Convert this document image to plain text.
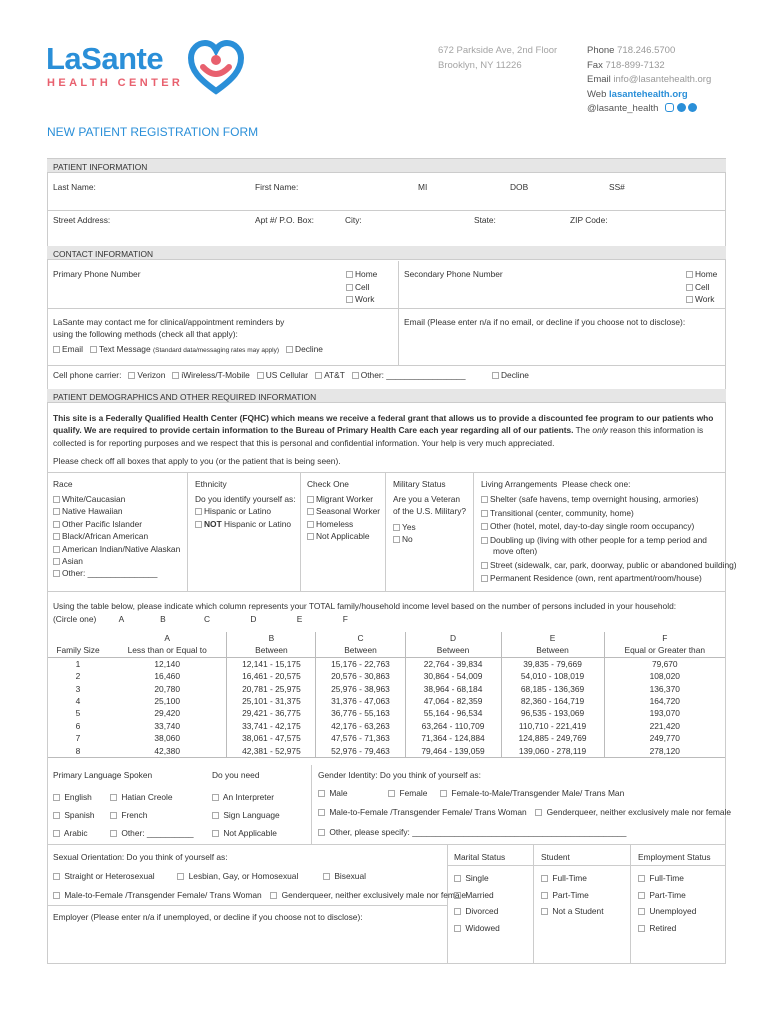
LaSante
HEALTH CENTER
672 Parkside Ave, 2nd Floor
Brooklyn, NY 11226
Phone 718.246.5700
Fax 718-899-7132
Email info@lasantehealth.org
Web lasantehealth.org
@lasante_health
NEW PATIENT REGISTRATION FORM
PATIENT INFORMATION
Last Name:	First Name:	MI	DOB	SS#
Street Address:	Apt #/ P.O. Box:	City:	State:	ZIP Code:
CONTACT INFORMATION
Primary Phone Number	Home
Cell
Work
Secondary Phone Number	Home
Cell
Work
LaSante may contact me for clinical/appointment reminders by
using the following methods (check all that apply):
Email (Please enter n/a if no email, or decline if you choose not to disclose):
Email Text Message (Standard data/messaging rates may apply) Decline
Cell phone carrier: Verizon iWireless/T-Mobile US Cellular AT&T Other: _________________	Decline
PATIENT DEMOGRAPHICS AND OTHER REQUIRED INFORMATION
This site is a Federally Qualified Health Center (FQHC) which means we receive a federal grant that allows us to provide a discounted fee program to our patients who qualify. We are required to provide certain information to the Bureau of Primary Health Care each year regarding all of our patients. The only reason this information is collected is for reporting purposes and we respect that this is personal and confidential information. Your help is very much appreciated.
Please check off all boxes that apply to you (or the patient that is being seen).
Race
White/Caucasian
Native Hawaiian
Other Pacific Islander
Black/African American
American Indian/Native Alaskan
Asian
Other: _______________
Ethnicity
Do you identify yourself as:
Hispanic or Latino
NOT Hispanic or Latino
Check One
Migrant Worker
Seasonal Worker
Homeless
Not Applicable
Military Status
Are you a Veteran
of the U.S. Military?
Yes
No
Living Arrangements Please check one:
Shelter (safe havens, temp overnight housing, armories)
Transitional (center, community, home)
Other (hotel, motel, day-to-day single room occupancy)
Doubling up (living with other people for a temp period and
move often)
Street (sidewalk, car, park, doorway, public or abandoned building)
Permanent Residence (own, rent apartment/room/house)
Using the table below, please indicate which column represents your TOTAL family/household income level based on the number of persons included in your household:
(Circle one)	A	B	C	D	E	F
	A	B	C	D	E	F
Family Size	Less than or Equal to	Between	Between	Between	Between	Equal or Greater than
1	12,140	12,141 - 15,175	15,176 - 22,763	22,764 - 39,834	39,835 - 79,669	79,670
2	16,460	16,461 - 20,575	20,576 - 30,863	30,864 - 54,009	54,010 - 108,019	108,020
3	20,780	20,781 - 25,975	25,976 - 38,963	38,964 - 68,184	68,185 - 136,369	136,370
4	25,100	25,101 - 31,375	31,376 - 47,063	47,064 - 82,359	82,360 - 164,719	164,720
5	29,420	29,421 - 36,775	36,776 - 55,163	55,164 - 96,534	96,535 - 193,069	193,070
6	33,740	33,741 - 42,175	42,176 - 63,263	63,264 - 110,709	110,710 - 221,419	221,420
7	38,060	38,061 - 47,575	47,576 - 71,363	71,364 - 124,884	124,885 - 249,769	249,770
8	42,380	42,381 - 52,975	52,976 - 79,463	79,464 - 139,059	139,060 - 278,119	278,120
Primary Language Spoken
English
Spanish
Arabic
Hatian Creole
French
Other: __________
Do you need
An Interpreter
Sign Language
Not Applicable
Gender Identity: Do you think of yourself as:
Male	Female	Female-to-Male/Transgender Male/ Trans Man
Male-to-Female /Transgender Female/ Trans Woman Genderqueer, neither exclusively male nor female
Other, please specify: ______________________________________________
Sexual Orientation: Do you think of yourself as:
Straight or Heterosexual	Lesbian, Gay, or Homosexual	Bisexual
Male-to-Female /Transgender Female/ Trans Woman Genderqueer, neither exclusively male nor female
Employer (Please enter n/a if unemployed, or decline if you choose not to disclose):
Marital Status
Single
Married
Divorced
Widowed
Student
Full-Time
Part-Time
Not a Student
Employment Status
Full-Time
Part-Time
Unemployed
Retired
